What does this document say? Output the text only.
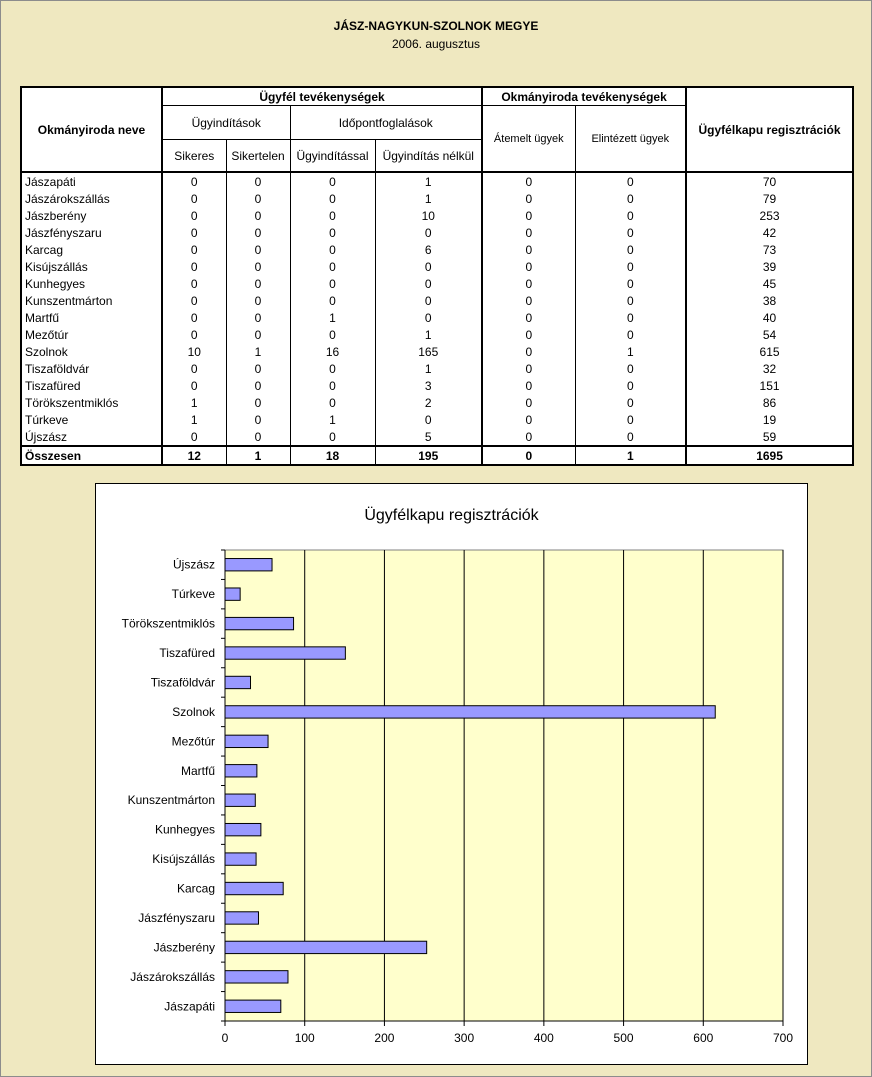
JÁSZ-NAGYKUN-SZOLNOK MEGYE
2006. augusztus
Okmányiroda neve	Ügyfél tevékenységek				Okmányiroda tevékenységek		Ügyfélkapu regisztrációk
	Ügyindítások		Időpontfoglalások		Átemelt ügyek	Elintézett ügyek	
	Sikeres	Sikertelen	Ügyindítással	Ügyindítás nélkül			
Jászapáti	0	0	0	1	0	0	70
Jászárokszállás	0	0	0	1	0	0	79
Jászberény	0	0	0	10	0	0	253
Jászfényszaru	0	0	0	0	0	0	42
Karcag	0	0	0	6	0	0	73
Kisújszállás	0	0	0	0	0	0	39
Kunhegyes	0	0	0	0	0	0	45
Kunszentmárton	0	0	0	0	0	0	38
Martfű	0	0	1	0	0	0	40
Mezőtúr	0	0	0	1	0	0	54
Szolnok	10	1	16	165	0	1	615
Tiszaföldvár	0	0	0	1	0	0	32
Tiszafüred	0	0	0	3	0	0	151
Törökszentmiklós	1	0	0	2	0	0	86
Túrkeve	1	0	1	0	0	0	19
Újszász	0	0	0	5	0	0	59
Összesen	12	1	18	195	0	1	1695
Ügyfélkapu regisztrációk
0	100	200	300	400	500	600	700
Jászapáti
Jászárokszállás
Jászberény
Jászfényszaru
Karcag
Kisújszállás
Kunhegyes
Kunszentmárton
Martfű
Mezőtúr
Szolnok
Tiszaföldvár
Tiszafüred
Törökszentmiklós
Túrkeve
Újszász
